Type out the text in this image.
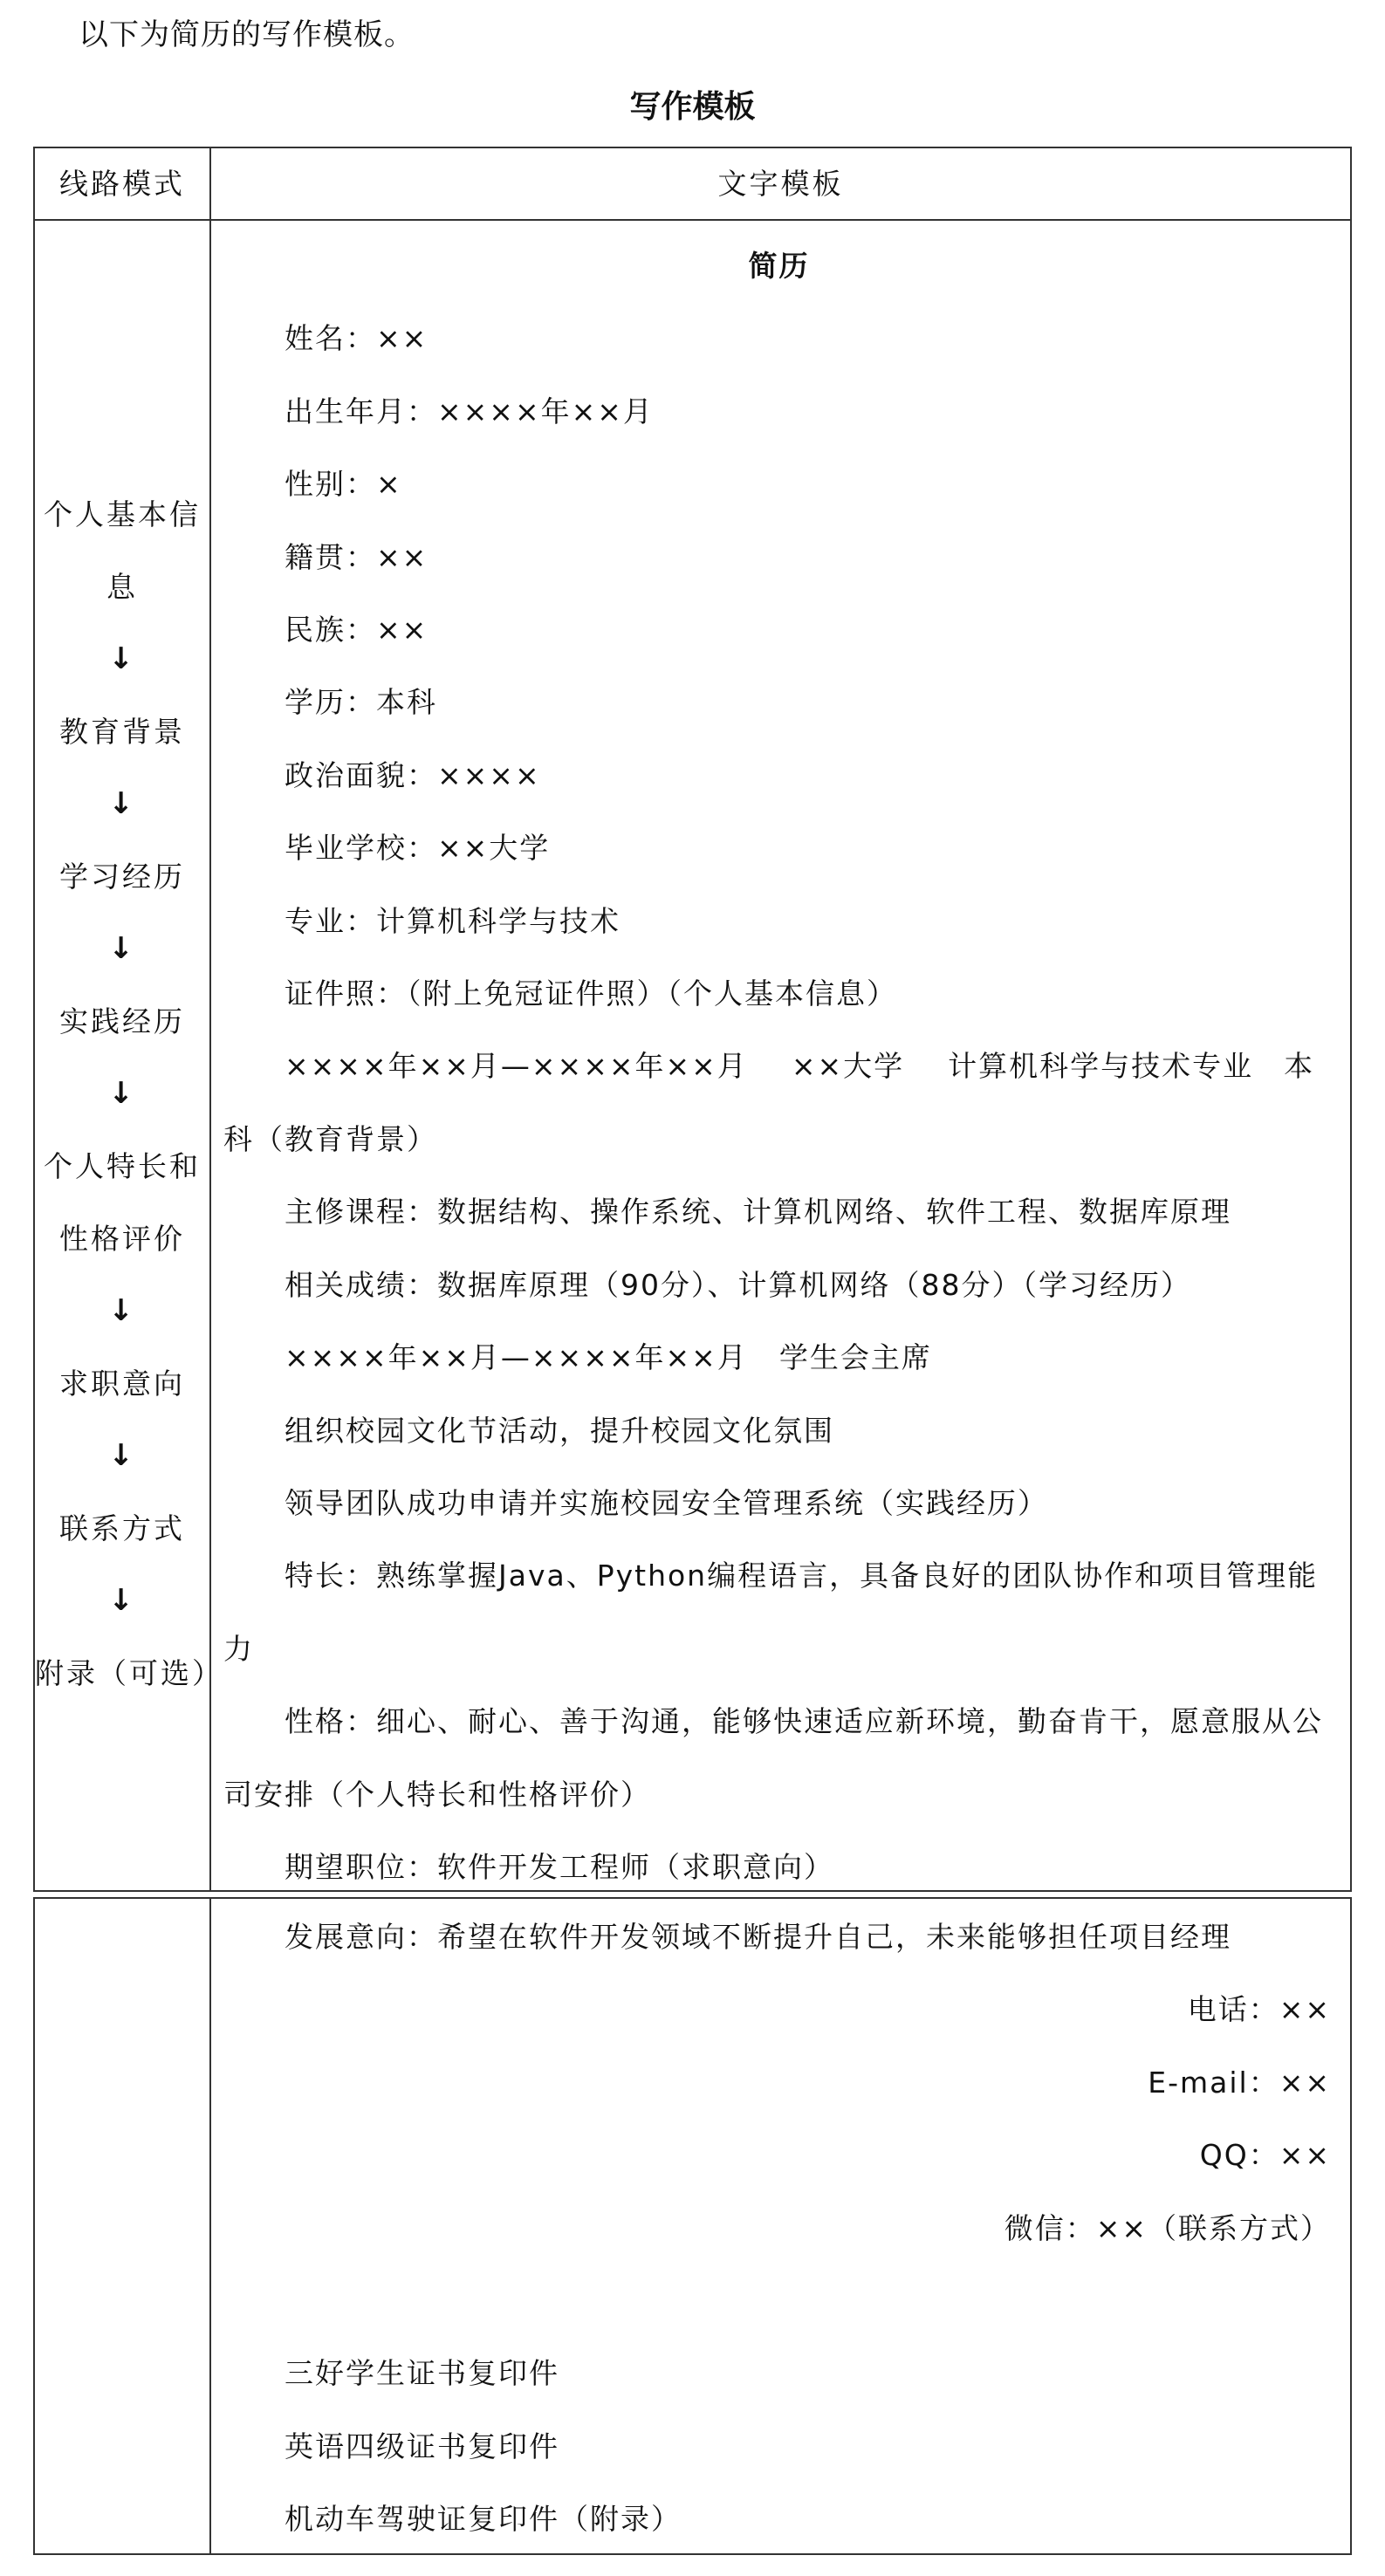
以下为简历的写作模板。
写作模板
线路模式	文字模板
个人基本信息
↓
教育背景
↓
学习经历
↓
实践经历
↓
个人特长和性格评价
↓
求职意向
↓
联系方式
↓
附录（可选）

简历

姓名：××

出生年月：××××年××月

性别：×

籍贯：××

民族：××

学历：本科

政治面貌：××××

毕业学校：××大学

专业：计算机科学与技术

证件照：（附上免冠证件照）（个人基本信息）

××××年××月—××××年××月 ××大学 计算机科学与技术专业　本科（教育背景）

主修课程：数据结构、操作系统、计算机网络、软件工程、数据库原理

相关成绩：数据库原理（90分）、计算机网络（88分）（学习经历）

××××年××月—××××年××月 学生会主席

组织校园文化节活动，提升校园文化氛围

领导团队成功申请并实施校园安全管理系统（实践经历）

特长：熟练掌握Java、Python编程语言，具备良好的团队协作和项目管理能力

性格：细心、耐心、善于沟通，能够快速适应新环境，勤奋肯干，愿意服从公司安排（个人特长和性格评价）

期望职位：软件开发工程师（求职意向）

发展意向：希望在软件开发领域不断提升自己，未来能够担任项目经理

电话：××

E-mail：××

QQ：××

微信：××（联系方式）

三好学生证书复印件

英语四级证书复印件

机动车驾驶证复印件（附录）
